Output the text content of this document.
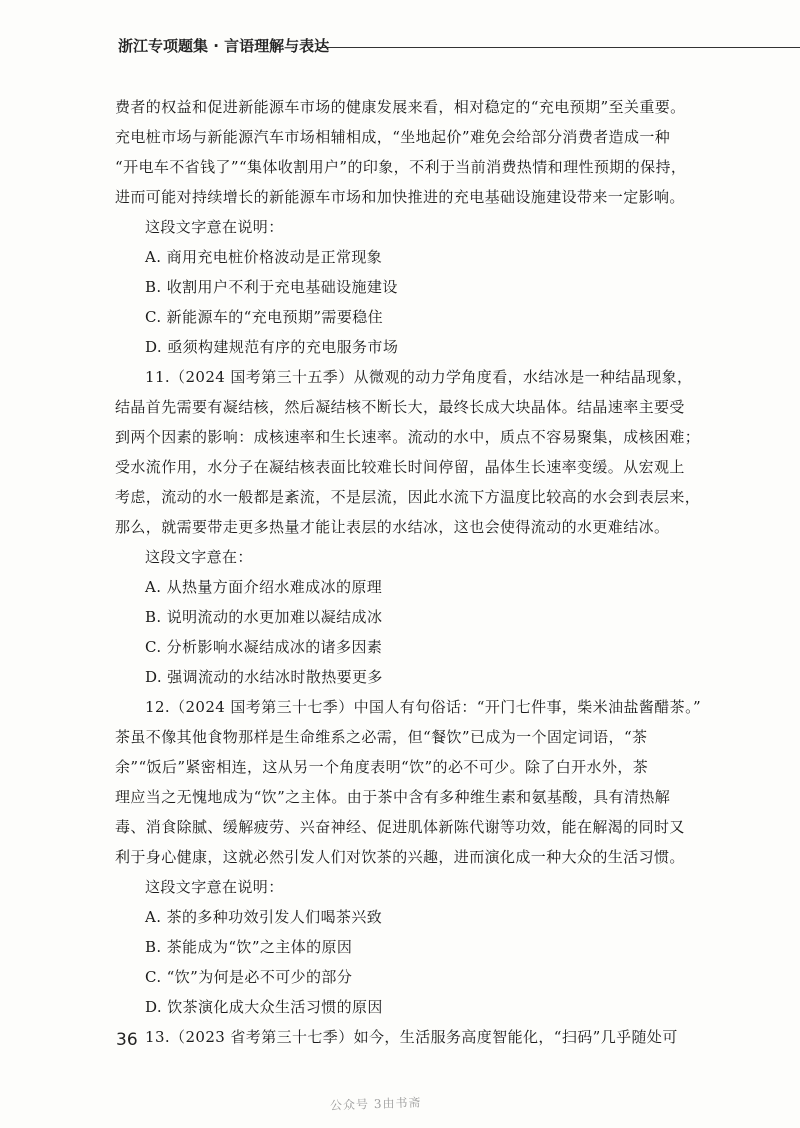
浙江专项题集 · 言语理解与表达
费者的权益和促进新能源车市场的健康发展来看，相对稳定的“充电预期”至关重要。
充电桩市场与新能源汽车市场相辅相成，“坐地起价”难免会给部分消费者造成一种
“开电车不省钱了”“集体收割用户”的印象，不利于当前消费热情和理性预期的保持，
进而可能对持续增长的新能源车市场和加快推进的充电基础设施建设带来一定影响。
这段文字意在说明：
A. 商用充电桩价格波动是正常现象
B. 收割用户不利于充电基础设施建设
C. 新能源车的“充电预期”需要稳住
D. 亟须构建规范有序的充电服务市场
11.（2024 国考第三十五季）从微观的动力学角度看，水结冰是一种结晶现象，
结晶首先需要有凝结核，然后凝结核不断长大，最终长成大块晶体。结晶速率主要受
到两个因素的影响：成核速率和生长速率。流动的水中，质点不容易聚集，成核困难；
受水流作用，水分子在凝结核表面比较难长时间停留，晶体生长速率变缓。从宏观上
考虑，流动的水一般都是紊流，不是层流，因此水流下方温度比较高的水会到表层来，
那么，就需要带走更多热量才能让表层的水结冰，这也会使得流动的水更难结冰。
这段文字意在：
A. 从热量方面介绍水难成冰的原理
B. 说明流动的水更加难以凝结成冰
C. 分析影响水凝结成冰的诸多因素
D. 强调流动的水结冰时散热要更多
12.（2024 国考第三十七季）中国人有句俗话：“开门七件事，柴米油盐酱醋茶。”
茶虽不像其他食物那样是生命维系之必需，但“餐饮”已成为一个固定词语，“茶
余”“饭后”紧密相连，这从另一个角度表明“饮”的必不可少。除了白开水外，茶
理应当之无愧地成为“饮”之主体。由于茶中含有多种维生素和氨基酸，具有清热解
毒、消食除腻、缓解疲劳、兴奋神经、促进肌体新陈代谢等功效，能在解渴的同时又
利于身心健康，这就必然引发人们对饮茶的兴趣，进而演化成一种大众的生活习惯。
这段文字意在说明：
A. 茶的多种功效引发人们喝茶兴致
B. 茶能成为“饮”之主体的原因
C. “饮”为何是必不可少的部分
D. 饮茶演化成大众生活习惯的原因
13.（2023 省考第三十七季）如今，生活服务高度智能化，“扫码”几乎随处可
36
公众号 3由书斋
